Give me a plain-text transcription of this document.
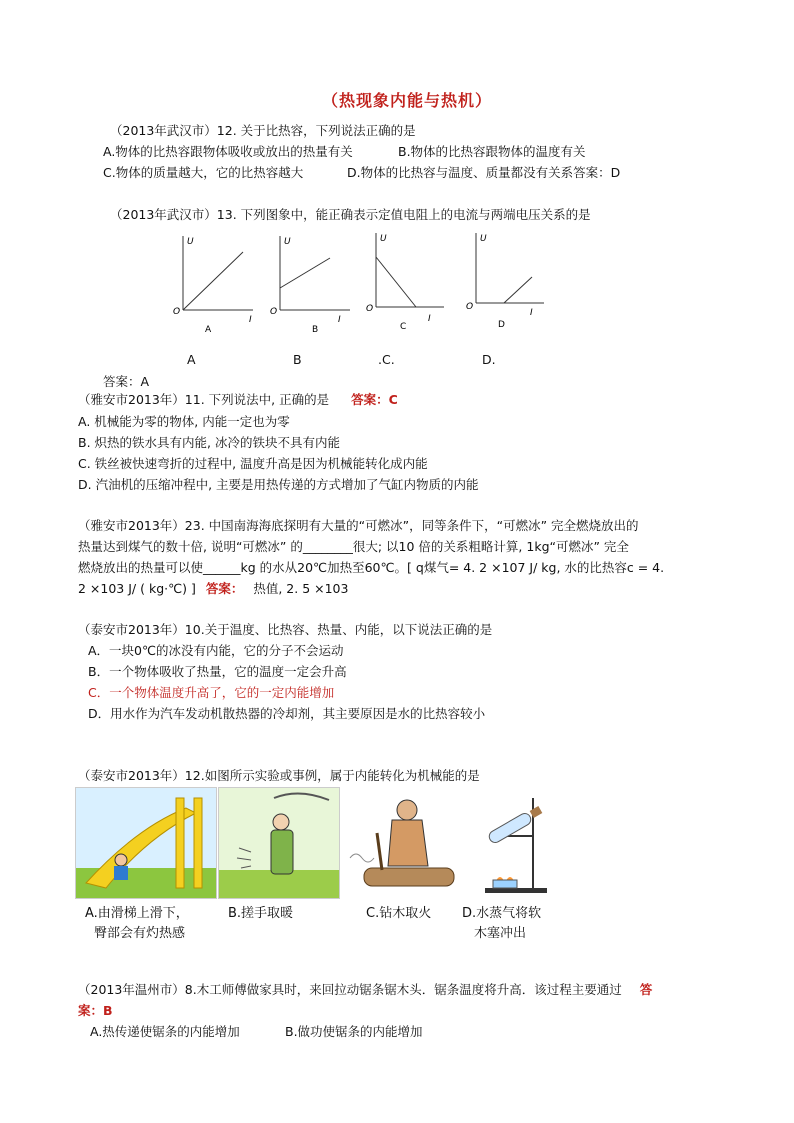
（热现象内能与热机）
（2013年武汉市）12. 关于比热容，下列说法正确的是
A.物体的比热容跟物体吸收或放出的热量有关	B.物体的比热容跟物体的温度有关
C.物体的质量越大，它的比热容越大	D.物体的比热容与温度、质量都没有关系答案：D
（2013年武汉市）13. 下列图象中，能正确表示定值电阻上的电流与两端电压关系的是
U
O
I
A
U
O
I
B
U
O
I
C
U
O
I
D
A	B	.C.	D.
答案：A
（雅安市2013年）11. 下列说法中, 正确的是 答案：C
A. 机械能为零的物体, 内能一定也为零
B. 炽热的铁水具有内能, 冰冷的铁块不具有内能
C. 铁丝被快速弯折的过程中, 温度升高是因为机械能转化成内能
D. 汽油机的压缩冲程中, 主要是用热传递的方式增加了气缸内物质的内能
（雅安市2013年）23. 中国南海海底探明有大量的“可燃冰”，同等条件下，“可燃冰” 完全燃烧放出的
热量达到煤气的数十倍, 说明“可燃冰” 的________很大; 以10 倍的关系粗略计算, 1kg“可燃冰” 完全
燃烧放出的热量可以使______kg 的水从20℃加热至60℃。[ q煤气= 4. 2 ×107 J/ kg, 水的比热容c = 4.
2 ×103 J/ ( kg·℃) ] 答案： 热值, 2. 5 ×103
（泰安市2013年）10.关于温度、比热容、热量、内能，以下说法正确的是
A．一块0℃的冰没有内能，它的分子不会运动
B．一个物体吸收了热量，它的温度一定会升高
C．一个物体温度升高了，它的一定内能增加
D．用水作为汽车发动机散热器的冷却剂，其主要原因是水的比热容较小
（泰安市2013年）12.如图所示实验或事例，属于内能转化为机械能的是
A.由滑梯上滑下，
臀部会有灼热感
B.搓手取暖	C.钻木取火 D.水蒸气将软
木塞冲出
（2013年温州市）8.木工师傅做家具时，来回拉动锯条锯木头．锯条温度将升高．该过程主要通过 答
案：B
A.热传递使锯条的内能增加	B.做功使锯条的内能增加
